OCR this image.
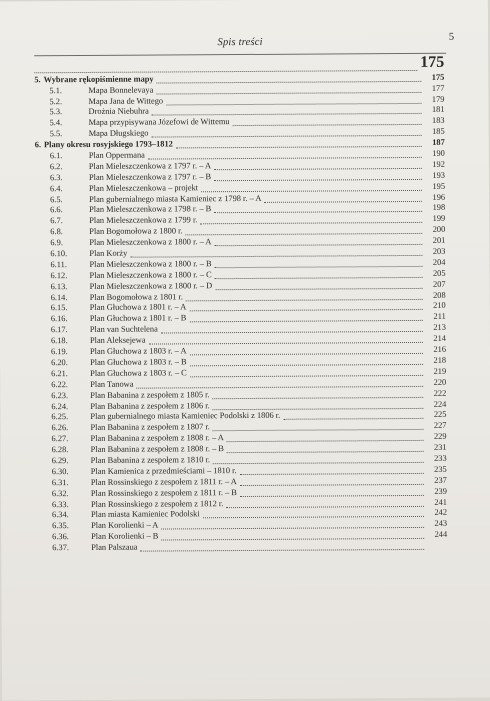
Spis treści	5
175
5. Wybrane rękopiśmienne mapy	175
5.1.	Mapa Bonnelevaya	177
5.2.	Mapa Jana de Wittego	179
5.3.	Drożnia Niebuhra	181
5.4.	Mapa przypisywana Józefowi de Wittemu	183
5.5.	Mapa Długskiego	185
6. Plany okresu rosyjskiego 1793–1812	187
6.1.	Plan Oppermana	190
6.2.	Plan Mieleszczenkowa z 1797 r. – A	192
6.3.	Plan Mieleszczenkowa z 1797 r. – B	193
6.4.	Plan Mieleszczenkowa – projekt	195
6.5.	Plan gubernialnego miasta Kamieniec z 1798 r. – A	196
6.6.	Plan Mieleszczenkowa z 1798 r. – B	198
6.7.	Plan Mieleszczenkowa z 1799 r.	199
6.8.	Plan Bogomołowa z 1800 r.	200
6.9.	Plan Mieleszczenkowa z 1800 r. – A	201
6.10.	Plan Korży	203
6.11.	Plan Mieleszczenkowa z 1800 r. – B	204
6.12.	Plan Mieleszczenkowa z 1800 r. – C	205
6.13.	Plan Mieleszczenkowa z 1800 r. – D	207
6.14.	Plan Bogomołowa z 1801 r.	208
6.15.	Plan Głuchowa z 1801 r. – A	210
6.16.	Plan Głuchowa z 1801 r. – B	211
6.17.	Plan van Suchtelena	213
6.18.	Plan Aleksejewa	214
6.19.	Plan Głuchowa z 1803 r. – A	216
6.20.	Plan Głuchowa z 1803 r. – B	218
6.21.	Plan Głuchowa z 1803 r. – C	219
6.22.	Plan Tanowa	220
6.23.	Plan Babanina z zespołem z 1805 r.	222
6.24.	Plan Babanina z zespołem z 1806 r.	224
6.25.	Plan gubernialnego miasta Kamieniec Podolski z 1806 r.	225
6.26.	Plan Babanina z zespołem z 1807 r.	227
6.27.	Plan Babanina z zespołem z 1808 r. – A	229
6.28.	Plan Babanina z zespołem z 1808 r. – B	231
6.29.	Plan Babanina z zespołem z 1810 r.	233
6.30.	Plan Kamienica z przedmieściami – 1810 r.	235
6.31.	Plan Rossinskiego z zespołem z 1811 r. – A	237
6.32.	Plan Rossinskiego z zespołem z 1811 r. – B	239
6.33.	Plan Rossinskiego z zespołem z 1812 r.	241
6.34.	Plan miasta Kamieniec Podolski	242
6.35.	Plan Korolienki – A	243
6.36.	Plan Korolienki – B	244
6.37.	Plan Palszaua
